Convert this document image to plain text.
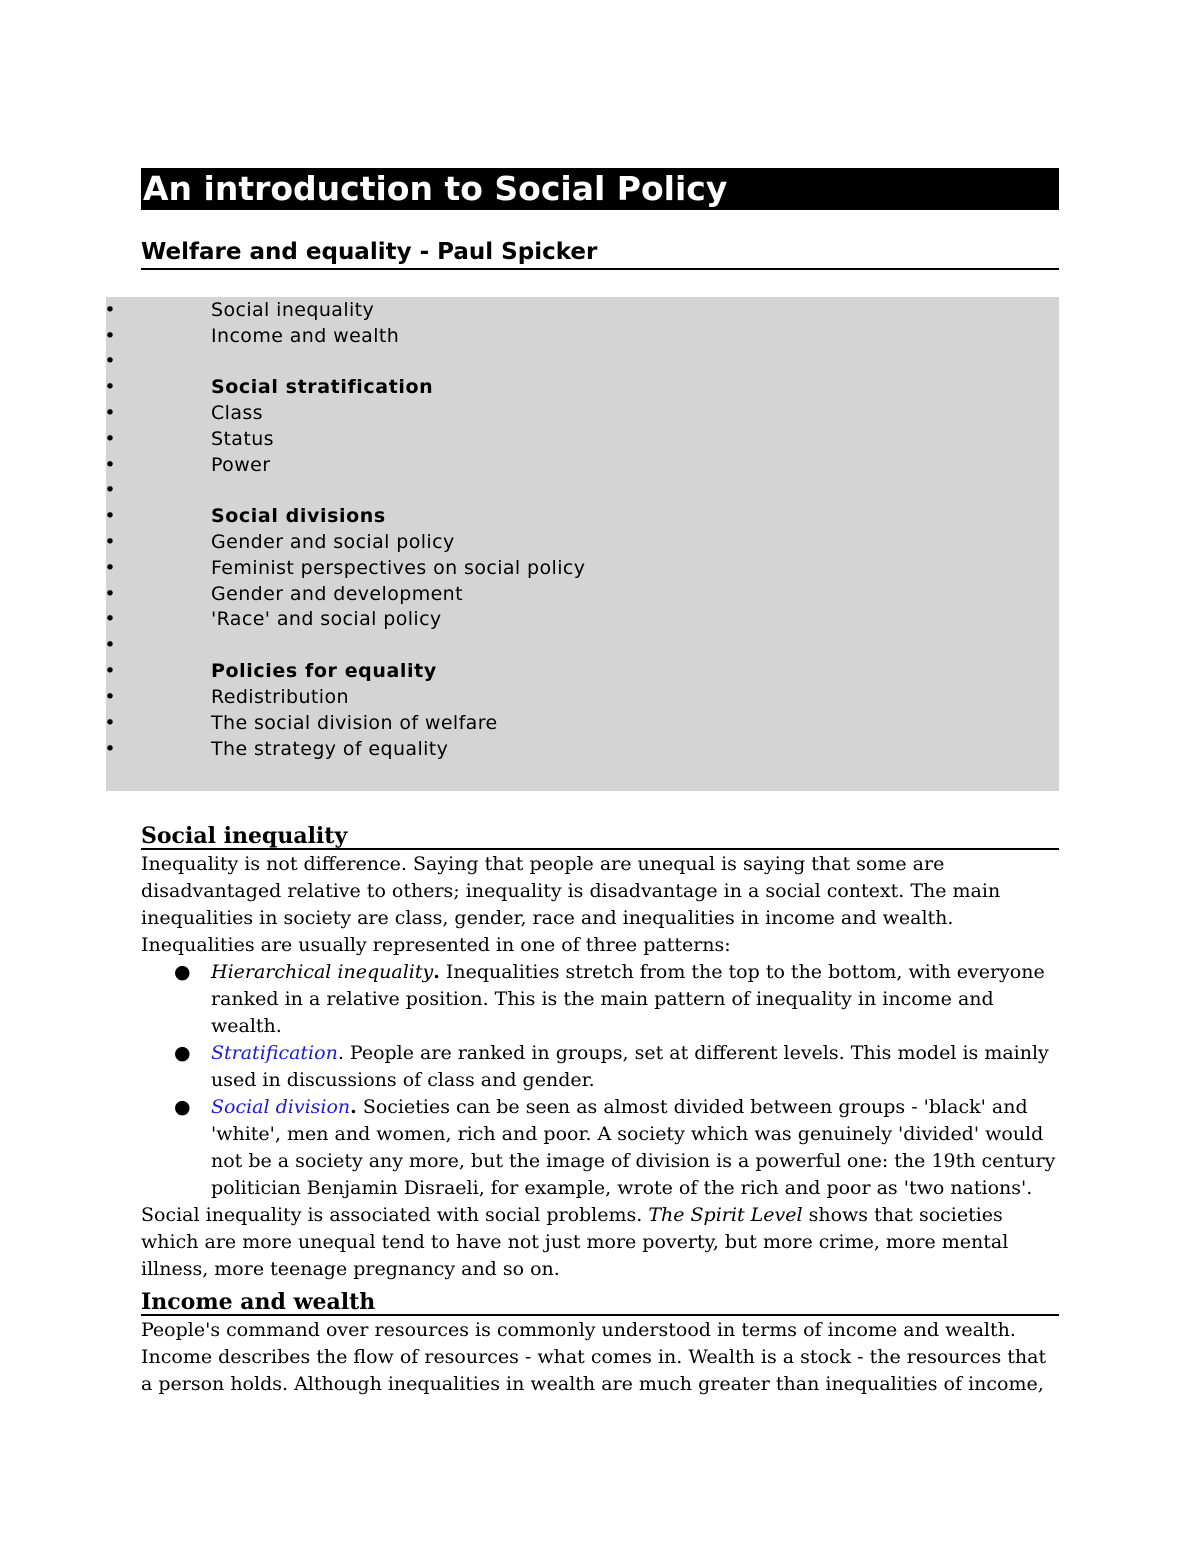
An introduction to Social Policy
Welfare and equality - Paul Spicker
•	Social inequality
•	Income and wealth
•
•	Social stratification
•	Class
•	Status
•	Power
•
•	Social divisions
•	Gender and social policy
•	Feminist perspectives on social policy
•	Gender and development
•	'Race' and social policy
•
•	Policies for equality
•	Redistribution
•	The social division of welfare
•	The strategy of equality
Social inequality

Inequality is not difference. Saying that people are unequal is saying that some are disadvantaged relative to others; inequality is disadvantage in a social context. The main inequalities in society are class, gender, race and inequalities in income and wealth.

Inequalities are usually represented in one of three patterns:

● Hierarchical inequality. Inequalities stretch from the top to the bottom, with everyone ranked in a relative position. This is the main pattern of inequality in income and wealth.
● Stratification. People are ranked in groups, set at different levels. This model is mainly used in discussions of class and gender.
● Social division. Societies can be seen as almost divided between groups - 'black' and 'white', men and women, rich and poor. A society which was genuinely 'divided' would not be a society any more, but the image of division is a powerful one: the 19th century politician Benjamin Disraeli, for example, wrote of the rich and poor as 'two nations'.

Social inequality is associated with social problems. The Spirit Level shows that societies which are more unequal tend to have not just more poverty, but more crime, more mental illness, more teenage pregnancy and so on.

Income and wealth

People's command over resources is commonly understood in terms of income and wealth. Income describes the flow of resources - what comes in. Wealth is a stock - the resources that a person holds. Although inequalities in wealth are much greater than inequalities of income,
